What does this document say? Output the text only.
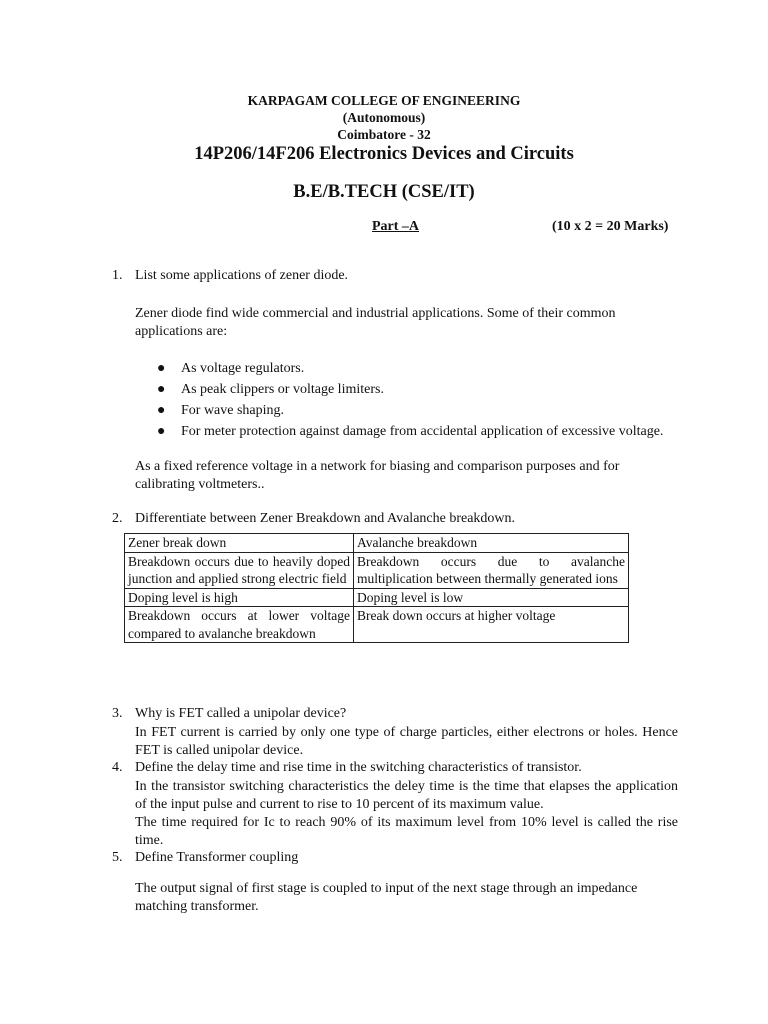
KARPAGAM COLLEGE OF ENGINEERING
(Autonomous)
Coimbatore - 32
14P206/14F206 Electronics Devices and Circuits
B.E/B.TECH (CSE/IT)
Part –A	(10 x 2 = 20 Marks)
1. List some applications of zener diode.
Zener diode find wide commercial and industrial applications. Some of their common applications are:
● As voltage regulators.
● As peak clippers or voltage limiters.
● For wave shaping.
● For meter protection against damage from accidental application of excessive voltage.
As a fixed reference voltage in a network for biasing and comparison purposes and for calibrating voltmeters..
2. Differentiate between Zener Breakdown and Avalanche breakdown.
Zener break down	Avalanche breakdown
Breakdown occurs due to heavily doped junction and applied strong electric field	Breakdown occurs due to avalanche multiplication between thermally generated ions
Doping level is high	Doping level is low
Breakdown occurs at lower voltage compared to avalanche breakdown	Break down occurs at higher voltage
3. Why is FET called a unipolar device?
In FET current is carried by only one type of charge particles, either electrons or holes. Hence FET is called unipolar device.
4. Define the delay time and rise time in the switching characteristics of transistor.
In the transistor switching characteristics the deley time is the time that elapses the application of the input pulse and current to rise to 10 percent of its maximum value.
The time required for Ic to reach 90% of its maximum level from 10% level is called the rise time.
5. Define Transformer coupling
The output signal of first stage is coupled to input of the next stage through an impedance matching transformer.
